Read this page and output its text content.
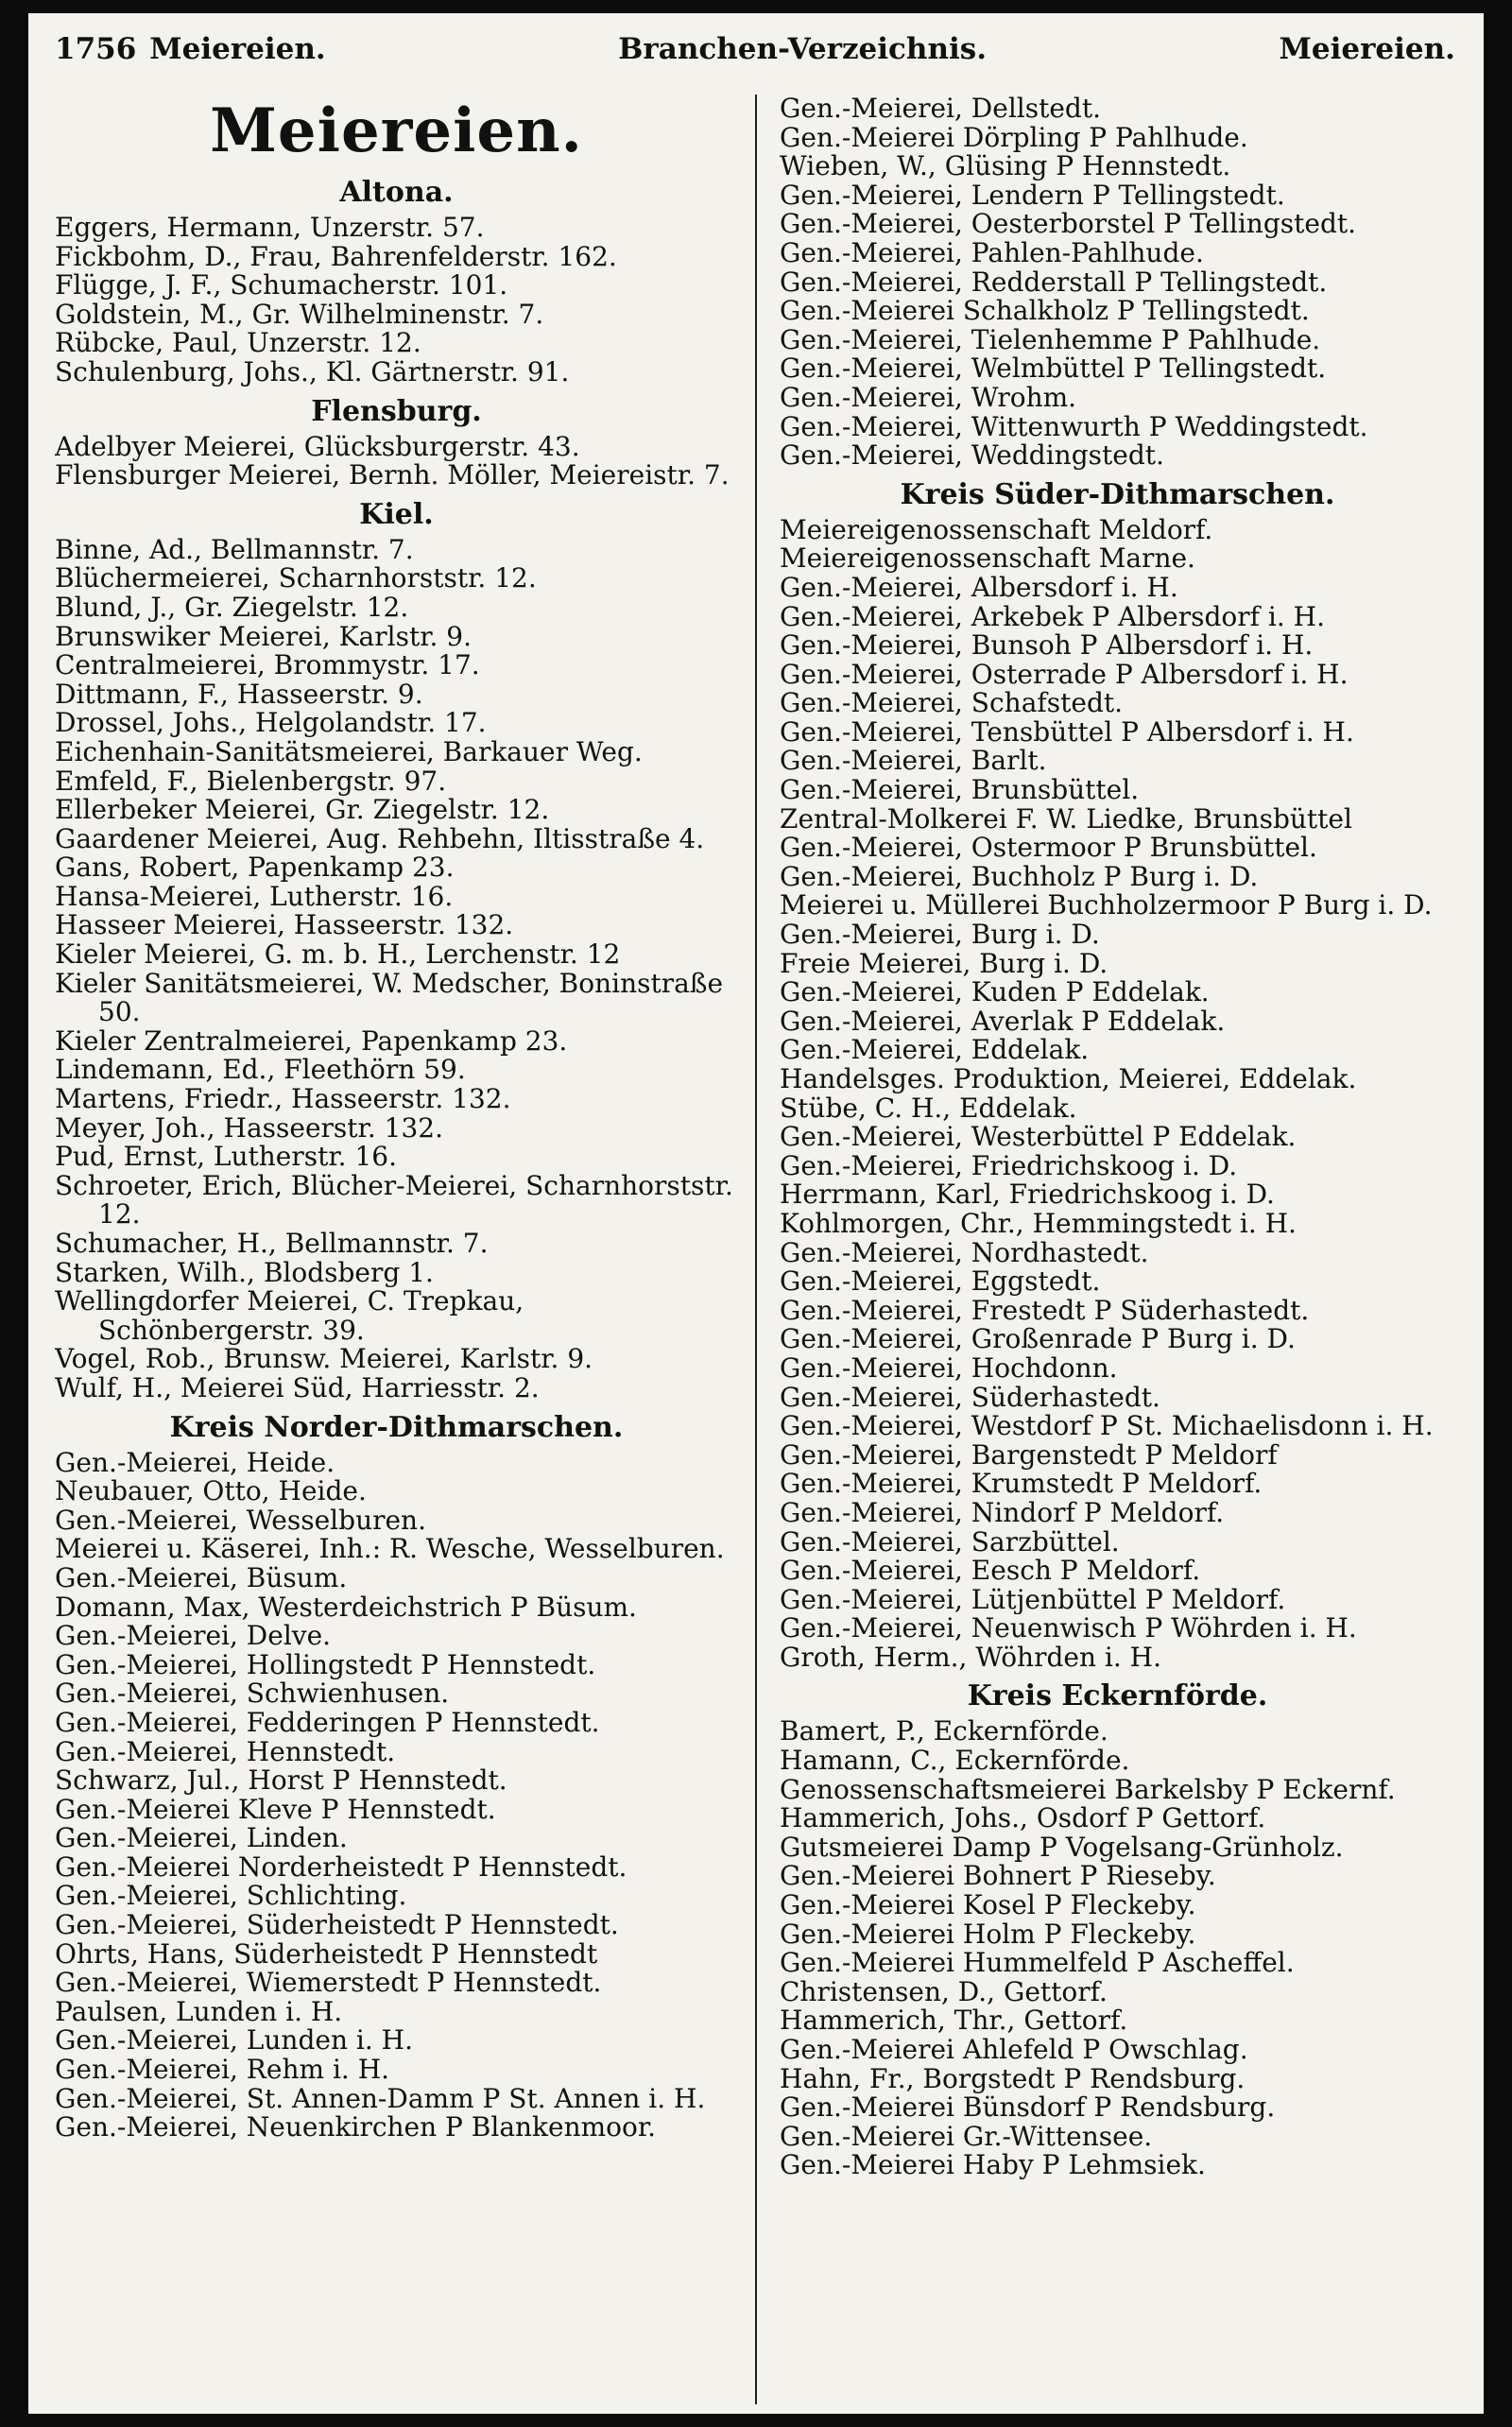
1756 Meiereien.	Branchen-Verzeichnis.	Meiereien.
Meiereien.
Altona.
Eggers, Hermann, Unzerstr. 57.
Fickbohm, D., Frau, Bahrenfelderstr. 162.
Flügge, J. F., Schumacherstr. 101.
Goldstein, M., Gr. Wilhelminenstr. 7.
Rübcke, Paul, Unzerstr. 12.
Schulenburg, Johs., Kl. Gärtnerstr. 91.
Flensburg.
Adelbyer Meierei, Glücksburgerstr. 43.
Flensburger Meierei, Bernh. Möller, Meiereistr. 7.
Kiel.
Binne, Ad., Bellmannstr. 7.
Blüchermeierei, Scharnhorststr. 12.
Blund, J., Gr. Ziegelstr. 12.
Brunswiker Meierei, Karlstr. 9.
Centralmeierei, Brommystr. 17.
Dittmann, F., Hasseerstr. 9.
Drossel, Johs., Helgolandstr. 17.
Eichenhain-Sanitätsmeierei, Barkauer Weg.
Emfeld, F., Bielenbergstr. 97.
Ellerbeker Meierei, Gr. Ziegelstr. 12.
Gaardener Meierei, Aug. Rehbehn, Iltisstraße 4.
Gans, Robert, Papenkamp 23.
Hansa-Meierei, Lutherstr. 16.
Hasseer Meierei, Hasseerstr. 132.
Kieler Meierei, G. m. b. H., Lerchenstr. 12
Kieler Sanitätsmeierei, W. Medscher, Boninstraße 50.
Kieler Zentralmeierei, Papenkamp 23.
Lindemann, Ed., Fleethörn 59.
Martens, Friedr., Hasseerstr. 132.
Meyer, Joh., Hasseerstr. 132.
Pud, Ernst, Lutherstr. 16.
Schroeter, Erich, Blücher-Meierei, Scharnhorststr. 12.
Schumacher, H., Bellmannstr. 7.
Starken, Wilh., Blodsberg 1.
Wellingdorfer Meierei, C. Trepkau, Schönbergerstr. 39.
Vogel, Rob., Brunsw. Meierei, Karlstr. 9.
Wulf, H., Meierei Süd, Harriesstr. 2.
Kreis Norder-Dithmarschen.
Gen.-Meierei, Heide.
Neubauer, Otto, Heide.
Gen.-Meierei, Wesselburen.
Meierei u. Käserei, Inh.: R. Wesche, Wesselburen.
Gen.-Meierei, Büsum.
Domann, Max, Westerdeichstrich P Büsum.
Gen.-Meierei, Delve.
Gen.-Meierei, Hollingstedt P Hennstedt.
Gen.-Meierei, Schwienhusen.
Gen.-Meierei, Fedderingen P Hennstedt.
Gen.-Meierei, Hennstedt.
Schwarz, Jul., Horst P Hennstedt.
Gen.-Meierei Kleve P Hennstedt.
Gen.-Meierei, Linden.
Gen.-Meierei Norderheistedt P Hennstedt.
Gen.-Meierei, Schlichting.
Gen.-Meierei, Süderheistedt P Hennstedt.
Ohrts, Hans, Süderheistedt P Hennstedt
Gen.-Meierei, Wiemerstedt P Hennstedt.
Paulsen, Lunden i. H.
Gen.-Meierei, Lunden i. H.
Gen.-Meierei, Rehm i. H.
Gen.-Meierei, St. Annen-Damm P St. Annen i. H.
Gen.-Meierei, Neuenkirchen P Blankenmoor.
Gen.-Meierei, Dellstedt.
Gen.-Meierei Dörpling P Pahlhude.
Wieben, W., Glüsing P Hennstedt.
Gen.-Meierei, Lendern P Tellingstedt.
Gen.-Meierei, Oesterborstel P Tellingstedt.
Gen.-Meierei, Pahlen-Pahlhude.
Gen.-Meierei, Redderstall P Tellingstedt.
Gen.-Meierei Schalkholz P Tellingstedt.
Gen.-Meierei, Tielenhemme P Pahlhude.
Gen.-Meierei, Welmbüttel P Tellingstedt.
Gen.-Meierei, Wrohm.
Gen.-Meierei, Wittenwurth P Weddingstedt.
Gen.-Meierei, Weddingstedt.
Kreis Süder-Dithmarschen.
Meiereigenossenschaft Meldorf.
Meiereigenossenschaft Marne.
Gen.-Meierei, Albersdorf i. H.
Gen.-Meierei, Arkebek P Albersdorf i. H.
Gen.-Meierei, Bunsoh P Albersdorf i. H.
Gen.-Meierei, Osterrade P Albersdorf i. H.
Gen.-Meierei, Schafstedt.
Gen.-Meierei, Tensbüttel P Albersdorf i. H.
Gen.-Meierei, Barlt.
Gen.-Meierei, Brunsbüttel.
Zentral-Molkerei F. W. Liedke, Brunsbüttel
Gen.-Meierei, Ostermoor P Brunsbüttel.
Gen.-Meierei, Buchholz P Burg i. D.
Meierei u. Müllerei Buchholzermoor P Burg i. D.
Gen.-Meierei, Burg i. D.
Freie Meierei, Burg i. D.
Gen.-Meierei, Kuden P Eddelak.
Gen.-Meierei, Averlak P Eddelak.
Gen.-Meierei, Eddelak.
Handelsges. Produktion, Meierei, Eddelak.
Stübe, C. H., Eddelak.
Gen.-Meierei, Westerbüttel P Eddelak.
Gen.-Meierei, Friedrichskoog i. D.
Herrmann, Karl, Friedrichskoog i. D.
Kohlmorgen, Chr., Hemmingstedt i. H.
Gen.-Meierei, Nordhastedt.
Gen.-Meierei, Eggstedt.
Gen.-Meierei, Frestedt P Süderhastedt.
Gen.-Meierei, Großenrade P Burg i. D.
Gen.-Meierei, Hochdonn.
Gen.-Meierei, Süderhastedt.
Gen.-Meierei, Westdorf P St. Michaelisdonn i. H.
Gen.-Meierei, Bargenstedt P Meldorf
Gen.-Meierei, Krumstedt P Meldorf.
Gen.-Meierei, Nindorf P Meldorf.
Gen.-Meierei, Sarzbüttel.
Gen.-Meierei, Eesch P Meldorf.
Gen.-Meierei, Lütjenbüttel P Meldorf.
Gen.-Meierei, Neuenwisch P Wöhrden i. H.
Groth, Herm., Wöhrden i. H.
Kreis Eckernförde.
Bamert, P., Eckernförde.
Hamann, C., Eckernförde.
Genossenschaftsmeierei Barkelsby P Eckernf.
Hammerich, Johs., Osdorf P Gettorf.
Gutsmeierei Damp P Vogelsang-Grünholz.
Gen.-Meierei Bohnert P Rieseby.
Gen.-Meierei Kosel P Fleckeby.
Gen.-Meierei Holm P Fleckeby.
Gen.-Meierei Hummelfeld P Ascheffel.
Christensen, D., Gettorf.
Hammerich, Thr., Gettorf.
Gen.-Meierei Ahlefeld P Owschlag.
Hahn, Fr., Borgstedt P Rendsburg.
Gen.-Meierei Bünsdorf P Rendsburg.
Gen.-Meierei Gr.-Wittensee.
Gen.-Meierei Haby P Lehmsiek.
